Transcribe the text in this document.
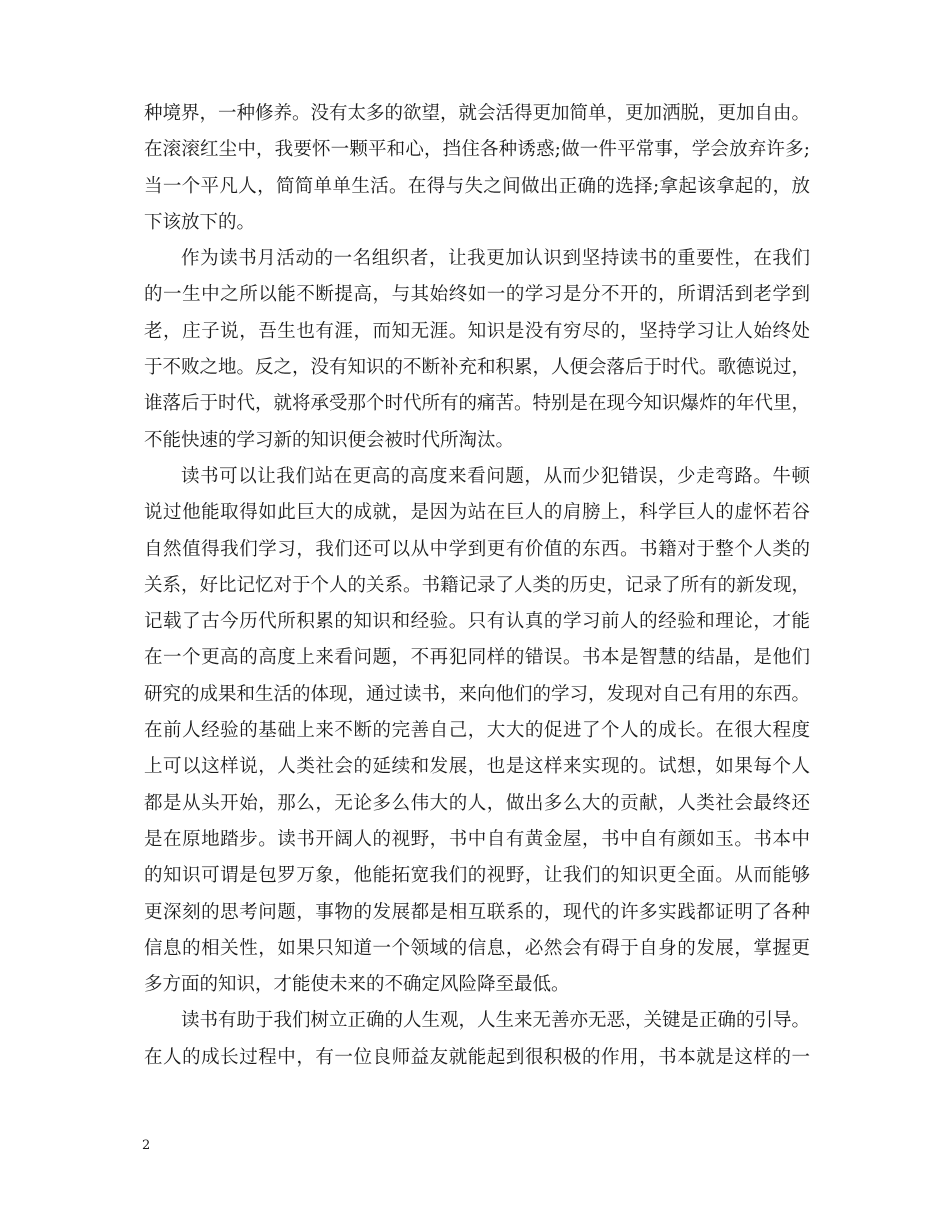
种境界，一种修养。没有太多的欲望，就会活得更加简单，更加洒脱，更加自由。
在滚滚红尘中，我要怀一颗平和心，挡住各种诱惑;做一件平常事，学会放弃许多;
当一个平凡人，简简单单生活。在得与失之间做出正确的选择;拿起该拿起的，放
下该放下的。
作为读书月活动的一名组织者，让我更加认识到坚持读书的重要性，在我们
的一生中之所以能不断提高，与其始终如一的学习是分不开的，所谓活到老学到
老，庄子说，吾生也有涯，而知无涯。知识是没有穷尽的，坚持学习让人始终处
于不败之地。反之，没有知识的不断补充和积累，人便会落后于时代。歌德说过，
谁落后于时代，就将承受那个时代所有的痛苦。特别是在现今知识爆炸的年代里，
不能快速的学习新的知识便会被时代所淘汰。
读书可以让我们站在更高的高度来看问题，从而少犯错误，少走弯路。牛顿
说过他能取得如此巨大的成就，是因为站在巨人的肩膀上，科学巨人的虚怀若谷
自然值得我们学习，我们还可以从中学到更有价值的东西。书籍对于整个人类的
关系，好比记忆对于个人的关系。书籍记录了人类的历史，记录了所有的新发现，
记载了古今历代所积累的知识和经验。只有认真的学习前人的经验和理论，才能
在一个更高的高度上来看问题，不再犯同样的错误。书本是智慧的结晶，是他们
研究的成果和生活的体现，通过读书，来向他们的学习，发现对自己有用的东西。
在前人经验的基础上来不断的完善自己，大大的促进了个人的成长。在很大程度
上可以这样说，人类社会的延续和发展，也是这样来实现的。试想，如果每个人
都是从头开始，那么，无论多么伟大的人，做出多么大的贡献，人类社会最终还
是在原地踏步。读书开阔人的视野，书中自有黄金屋，书中自有颜如玉。书本中
的知识可谓是包罗万象，他能拓宽我们的视野，让我们的知识更全面。从而能够
更深刻的思考问题，事物的发展都是相互联系的，现代的许多实践都证明了各种
信息的相关性，如果只知道一个领域的信息，必然会有碍于自身的发展，掌握更
多方面的知识，才能使未来的不确定风险降至最低。
读书有助于我们树立正确的人生观，人生来无善亦无恶，关键是正确的引导。
在人的成长过程中，有一位良师益友就能起到很积极的作用，书本就是这样的一
2
